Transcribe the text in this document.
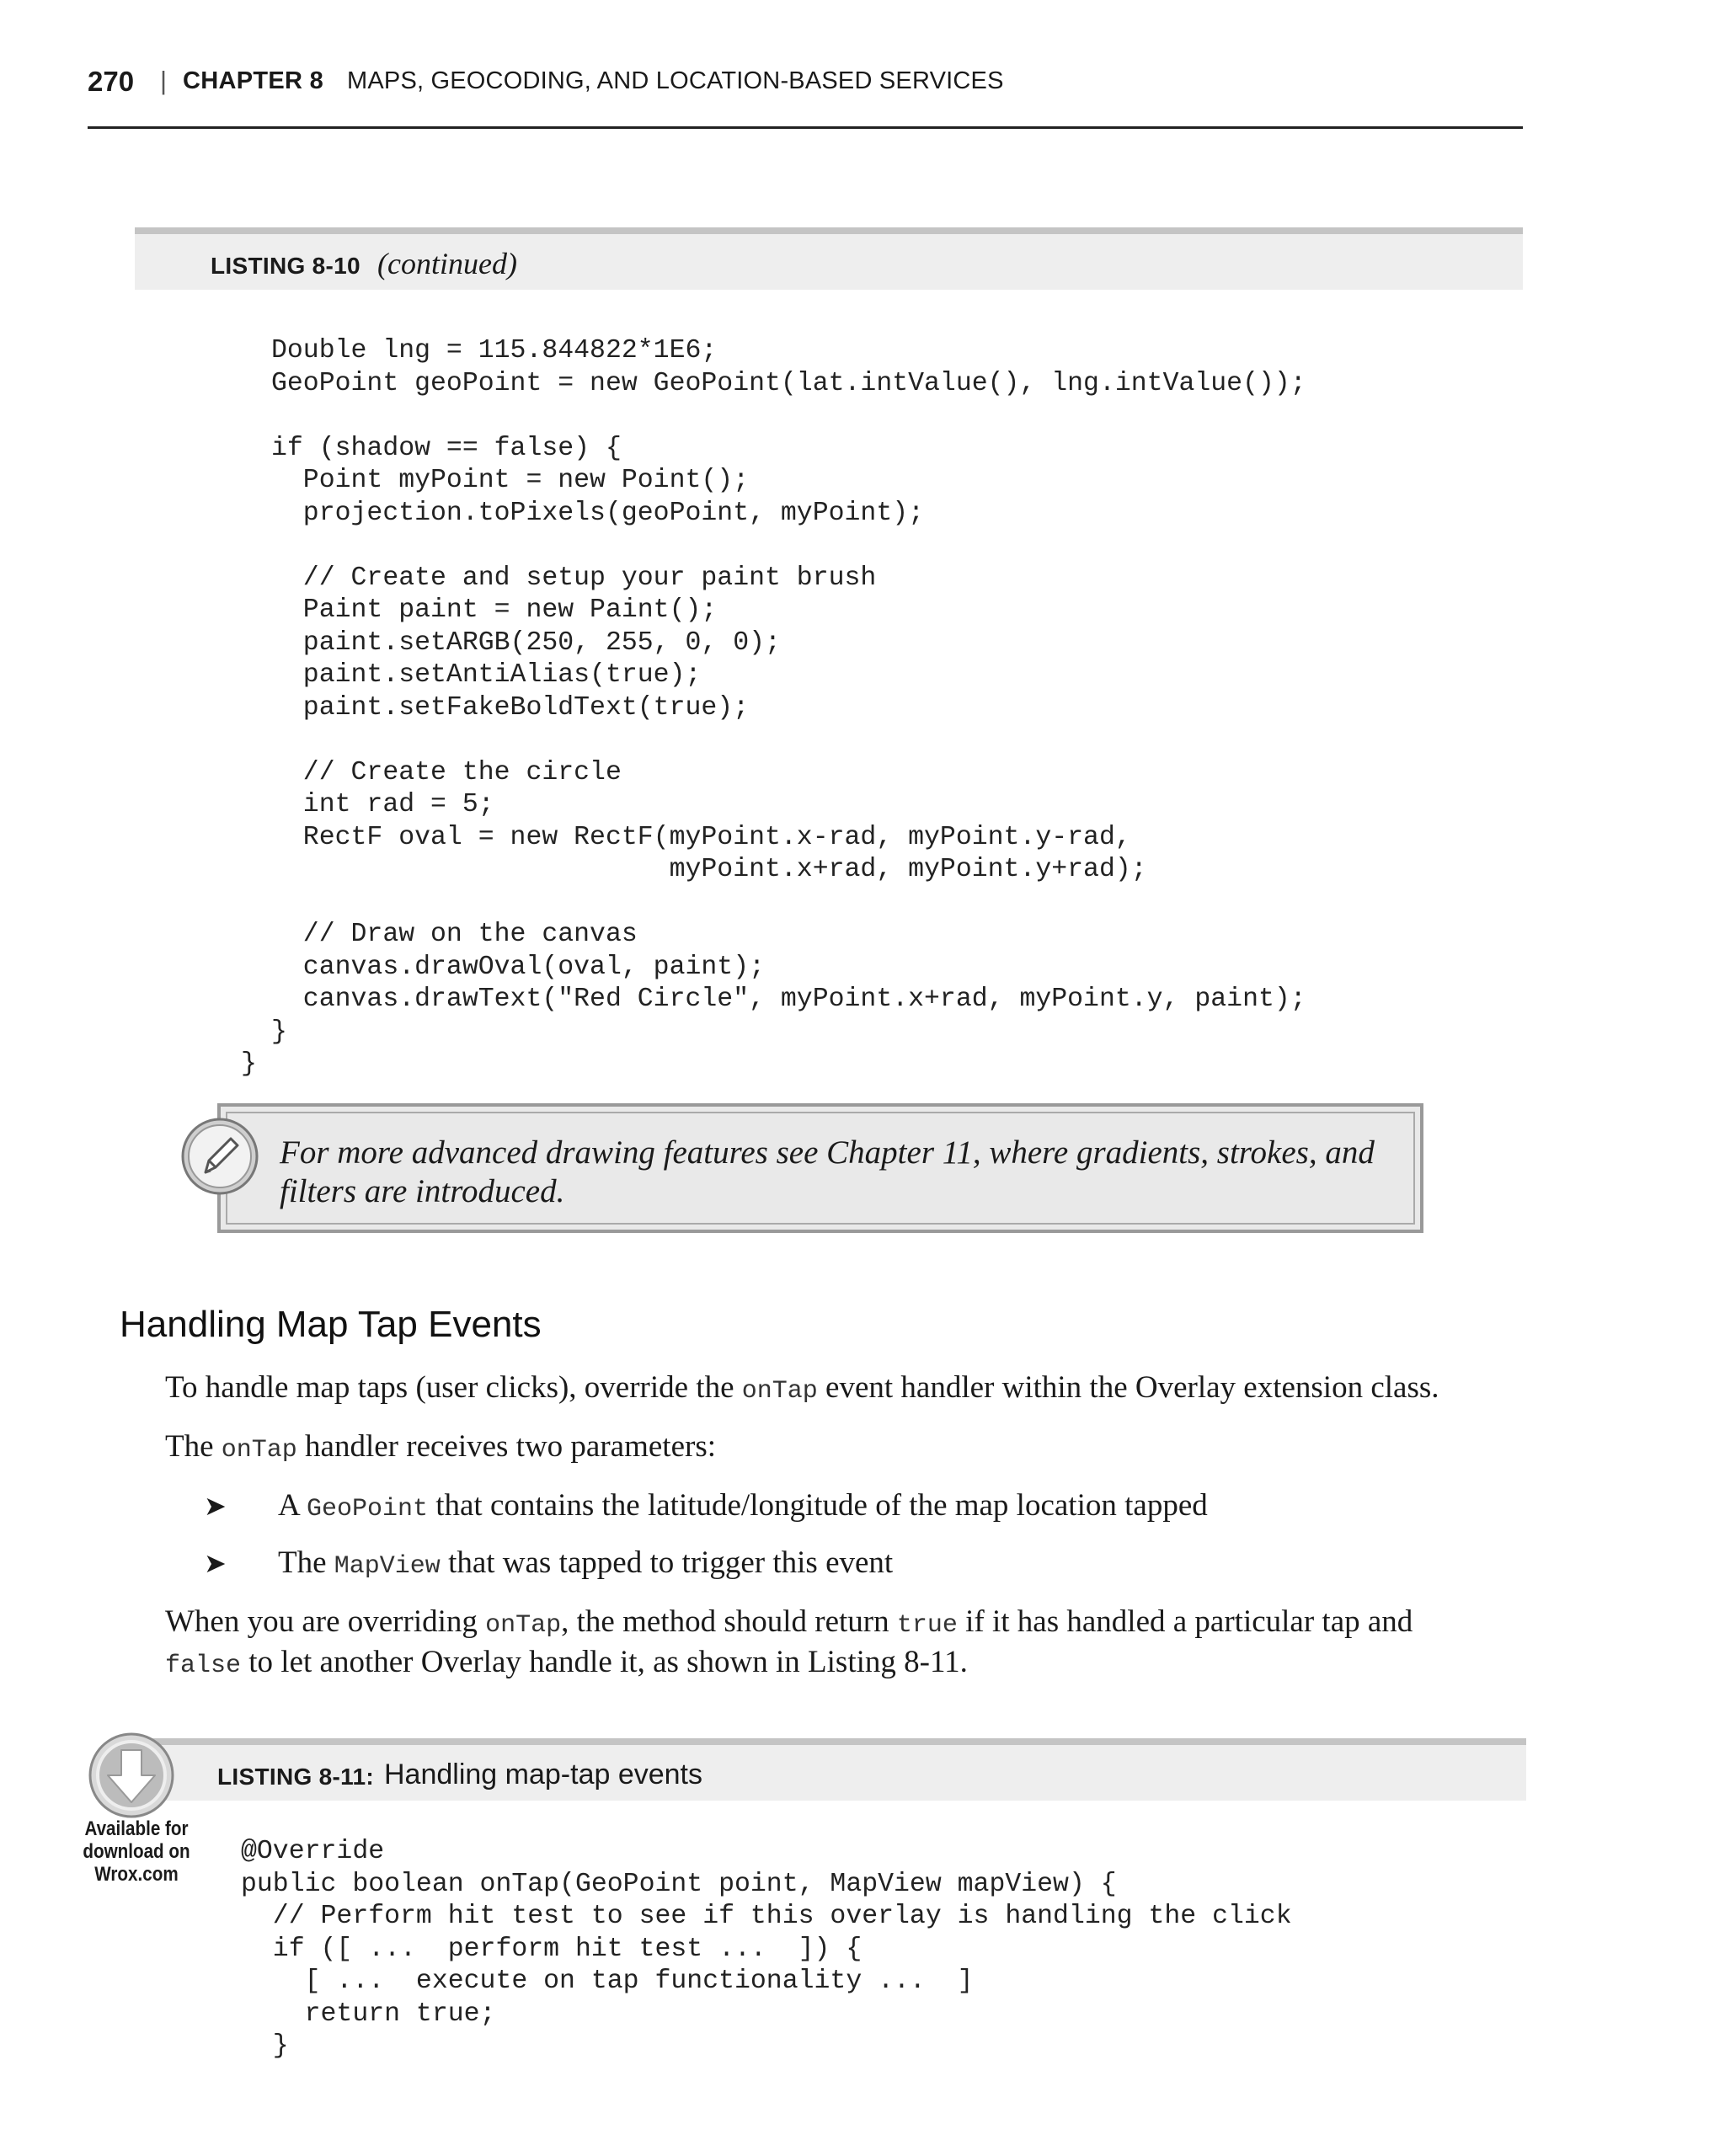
270 | CHAPTER 8 MAPS, GEOCODING, AND LOCATION-BASED SERVICES
LISTING 8-10 (continued)
Double lng = 115.844822*1E6;
GeoPoint geoPoint = new GeoPoint(lat.intValue(), lng.intValue());

if (shadow == false) {
Point myPoint = new Point();
projection.toPixels(geoPoint, myPoint);

// Create and setup your paint brush
Paint paint = new Paint();
paint.setARGB(250, 255, 0, 0);
paint.setAntiAlias(true);
paint.setFakeBoldText(true);

// Create the circle
int rad = 5;
RectF oval = new RectF(myPoint.x-rad, myPoint.y-rad,
myPoint.x+rad, myPoint.y+rad);

// Draw on the canvas
canvas.drawOval(oval, paint);
canvas.drawText("Red Circle", myPoint.x+rad, myPoint.y, paint);
}
}
For more advanced drawing features see Chapter 11, where gradients, strokes, and filters are introduced.
Handling Map Tap Events
To handle map taps (user clicks), override the onTap event handler within the Overlay extension class.
The onTap handler receives two parameters:
➤ A GeoPoint that contains the latitude/longitude of the map location tapped
➤ The MapView that was tapped to trigger this event
When you are overriding onTap, the method should return true if it has handled a particular tap and
false to let another Overlay handle it, as shown in Listing 8-11.
LISTING 8-11: Handling map-tap events
Available for
download on
Wrox.com
@Override
public boolean onTap(GeoPoint point, MapView mapView) {
// Perform hit test to see if this overlay is handling the click
if ([ ...  perform hit test ...  ]) {
[ ...  execute on tap functionality ...  ]
return true;
}
